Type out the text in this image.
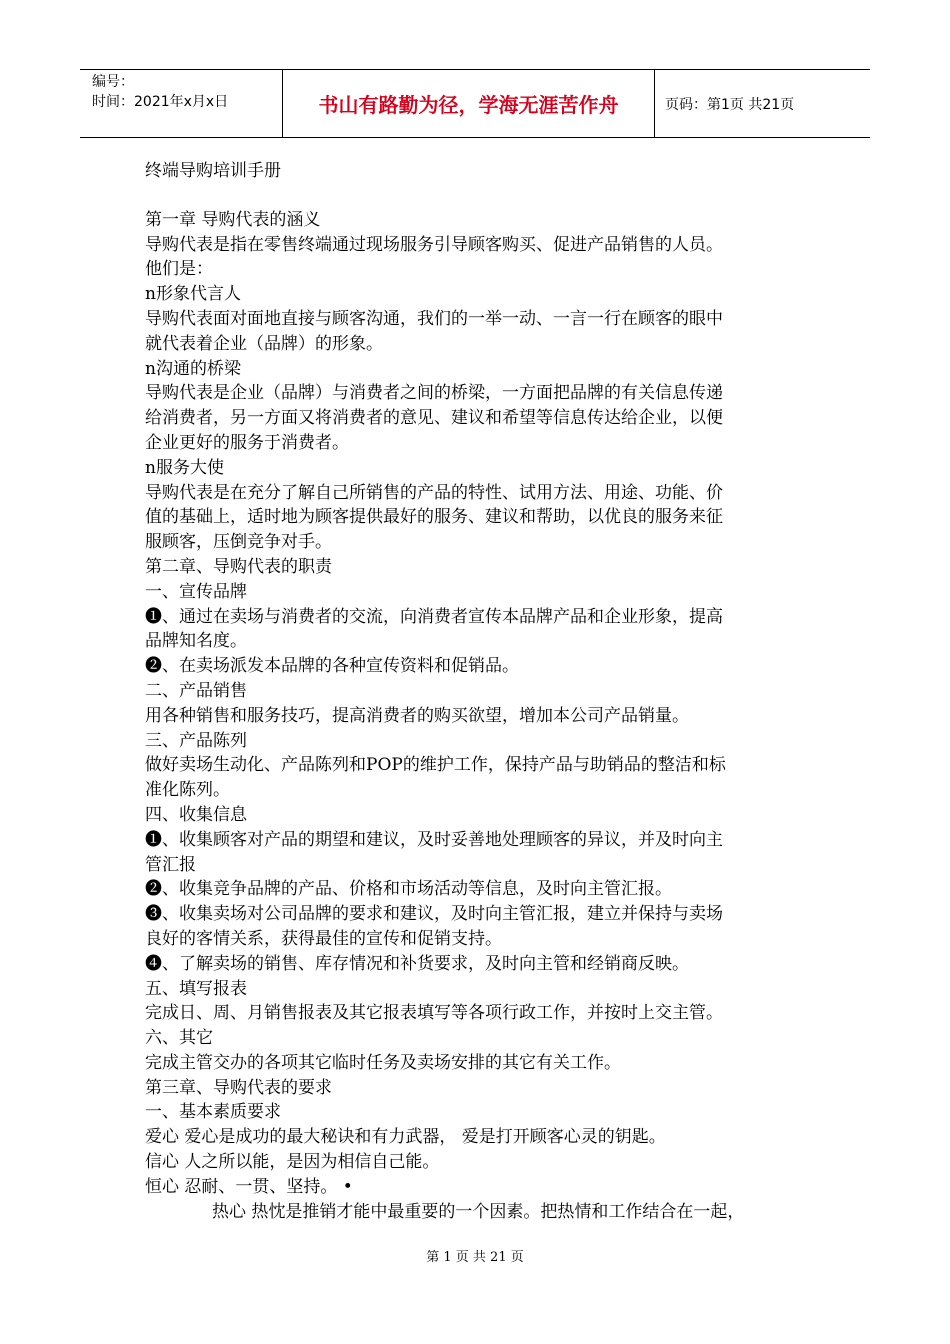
编号：
时间：2021年x月x日	书山有路勤为径，学海无涯苦作舟	页码：第1页 共21页

终端导购培训手册

第一章 导购代表的涵义

导购代表是指在零售终端通过现场服务引导顾客购买、促进产品销售的人员。

他们是：

n形象代言人

导购代表面对面地直接与顾客沟通，我们的一举一动、一言一行在顾客的眼中

就代表着企业（品牌）的形象。

n沟通的桥梁

导购代表是企业（品牌）与消费者之间的桥梁，一方面把品牌的有关信息传递

给消费者，另一方面又将消费者的意见、建议和希望等信息传达给企业，以便

企业更好的服务于消费者。

n服务大使

导购代表是在充分了解自己所销售的产品的特性、试用方法、用途、功能、价

值的基础上，适时地为顾客提供最好的服务、建议和帮助，以优良的服务来征

服顾客，压倒竞争对手。

第二章、导购代表的职责

一、宣传品牌

❶、通过在卖场与消费者的交流，向消费者宣传本品牌产品和企业形象，提高

品牌知名度。

❷、在卖场派发本品牌的各种宣传资料和促销品。

二、产品销售

用各种销售和服务技巧，提高消费者的购买欲望，增加本公司产品销量。

三、产品陈列

做好卖场生动化、产品陈列和POP的维护工作，保持产品与助销品的整洁和标

准化陈列。

四、收集信息

❶、收集顾客对产品的期望和建议，及时妥善地处理顾客的异议，并及时向主

管汇报

❷、收集竞争品牌的产品、价格和市场活动等信息，及时向主管汇报。

❸、收集卖场对公司品牌的要求和建议，及时向主管汇报，建立并保持与卖场

良好的客情关系，获得最佳的宣传和促销支持。

❹、了解卖场的销售、库存情况和补货要求，及时向主管和经销商反映。

五、填写报表

完成日、周、月销售报表及其它报表填写等各项行政工作，并按时上交主管。

六、其它

完成主管交办的各项其它临时任务及卖场安排的其它有关工作。

第三章、导购代表的要求

一、基本素质要求

爱心 爱心是成功的最大秘诀和有力武器， 爱是打开顾客心灵的钥匙。

信心 人之所以能，是因为相信自己能。

恒心 忍耐、一贯、坚持。 •

热心 热忱是推销才能中最重要的一个因素。把热情和工作结合在一起，

第 1 页 共 21 页
